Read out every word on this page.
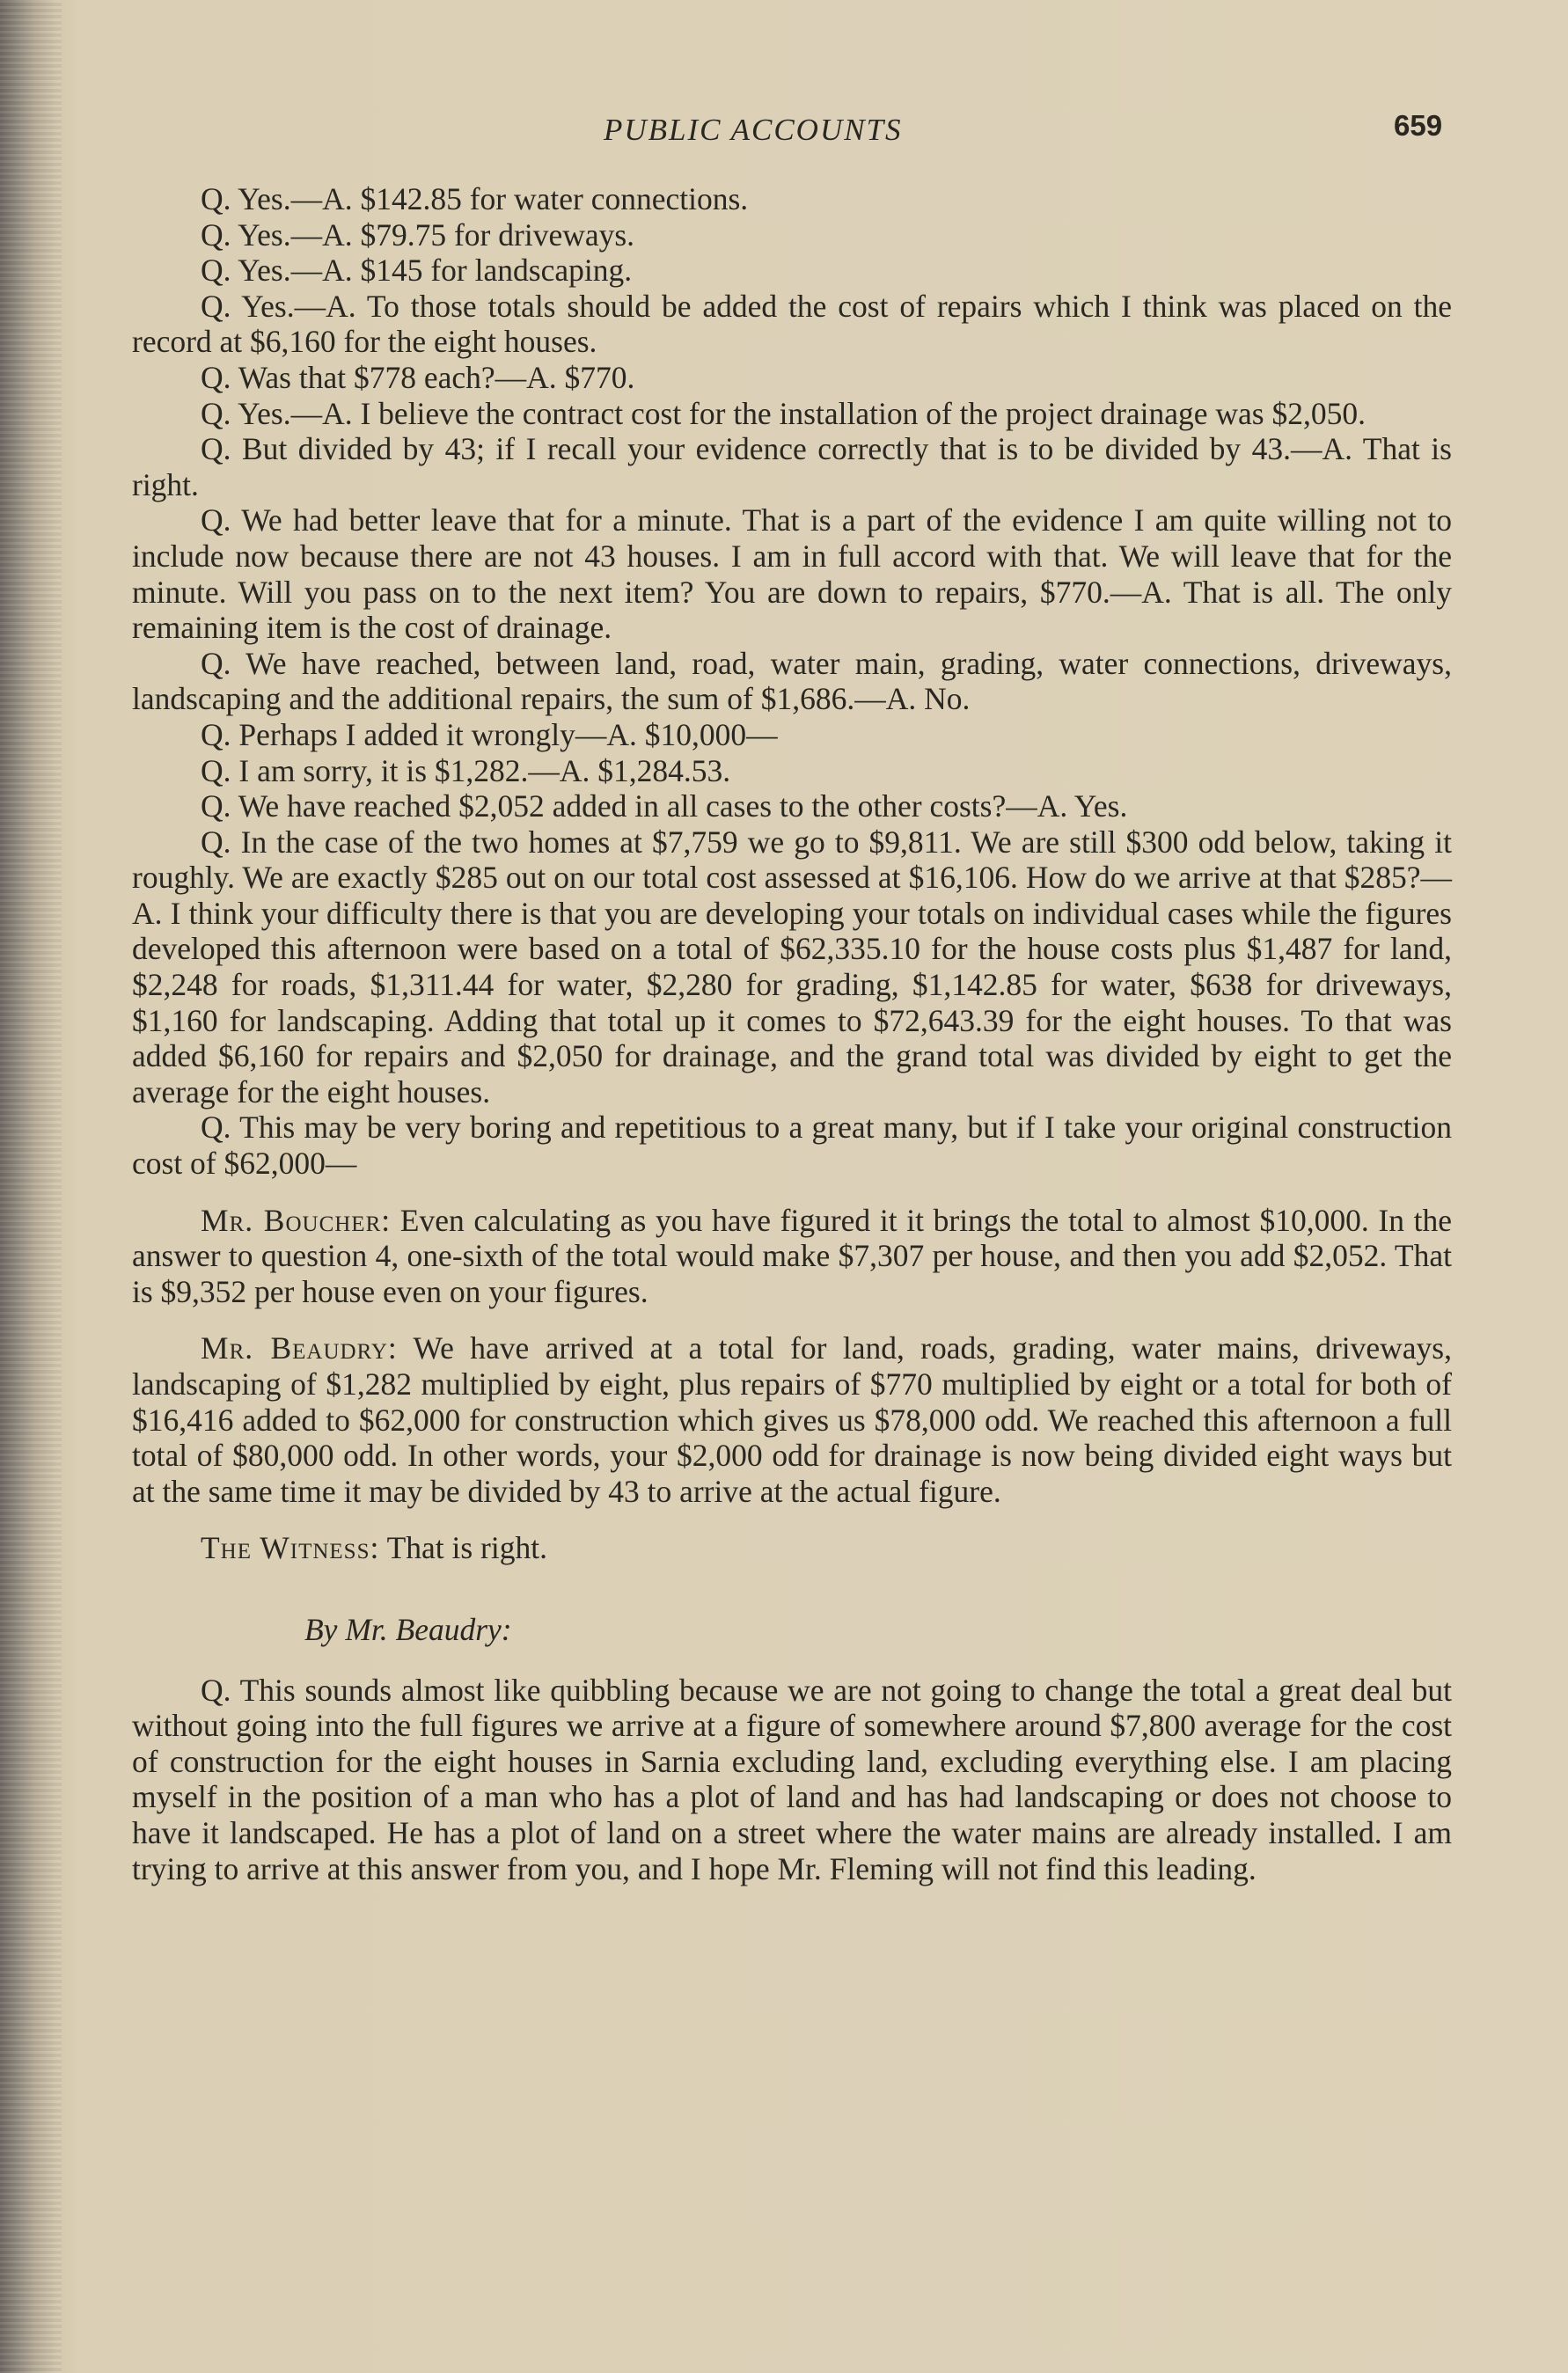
PUBLIC ACCOUNTS	659

Q. Yes.—A. $142.85 for water connections.

Q. Yes.—A. $79.75 for driveways.

Q. Yes.—A. $145 for landscaping.

Q. Yes.—A. To those totals should be added the cost of repairs which I think was placed on the record at $6,160 for the eight houses.

Q. Was that $778 each?—A. $770.

Q. Yes.—A. I believe the contract cost for the installation of the project drainage was $2,050.

Q. But divided by 43; if I recall your evidence correctly that is to be divided by 43.—A. That is right.

Q. We had better leave that for a minute. That is a part of the evidence I am quite willing not to include now because there are not 43 houses. I am in full accord with that. We will leave that for the minute. Will you pass on to the next item? You are down to repairs, $770.—A. That is all. The only remaining item is the cost of drainage.

Q. We have reached, between land, road, water main, grading, water connections, driveways, landscaping and the additional repairs, the sum of $1,686.—A. No.

Q. Perhaps I added it wrongly—A. $10,000—

Q. I am sorry, it is $1,282.—A. $1,284.53.

Q. We have reached $2,052 added in all cases to the other costs?—A. Yes.

Q. In the case of the two homes at $7,759 we go to $9,811. We are still $300 odd below, taking it roughly. We are exactly $285 out on our total cost assessed at $16,106. How do we arrive at that $285?—A. I think your difficulty there is that you are developing your totals on individual cases while the figures developed this afternoon were based on a total of $62,335.10 for the house costs plus $1,487 for land, $2,248 for roads, $1,311.44 for water, $2,280 for grading, $1,142.85 for water, $638 for driveways, $1,160 for landscaping. Adding that total up it comes to $72,643.39 for the eight houses. To that was added $6,160 for repairs and $2,050 for drainage, and the grand total was divided by eight to get the average for the eight houses.

Q. This may be very boring and repetitious to a great many, but if I take your original construction cost of $62,000—

Mr. Boucher: Even calculating as you have figured it it brings the total to almost $10,000. In the answer to question 4, one-sixth of the total would make $7,307 per house, and then you add $2,052. That is $9,352 per house even on your figures.

Mr. Beaudry: We have arrived at a total for land, roads, grading, water mains, driveways, landscaping of $1,282 multiplied by eight, plus repairs of $770 multiplied by eight or a total for both of $16,416 added to $62,000 for construction which gives us $78,000 odd. We reached this afternoon a full total of $80,000 odd. In other words, your $2,000 odd for drainage is now being divided eight ways but at the same time it may be divided by 43 to arrive at the actual figure.

The Witness: That is right.

By Mr. Beaudry:

Q. This sounds almost like quibbling because we are not going to change the total a great deal but without going into the full figures we arrive at a figure of somewhere around $7,800 average for the cost of construction for the eight houses in Sarnia excluding land, excluding everything else. I am placing myself in the position of a man who has a plot of land and has had landscaping or does not choose to have it landscaped. He has a plot of land on a street where the water mains are already installed. I am trying to arrive at this answer from you, and I hope Mr. Fleming will not find this leading.
